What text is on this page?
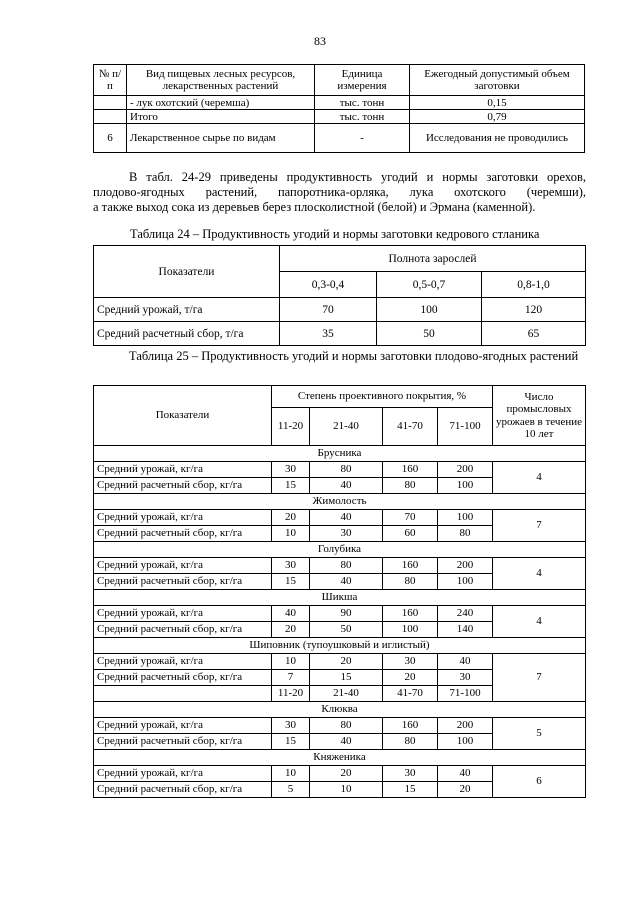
83
№ п/п	Вид пищевых лесных ресурсов, лекарственных растений	Единица измерения	Ежегодный допустимый объем заготовки
	- лук охотский (черемша)	тыс. тонн	0,15
	Итого	тыс. тонн	0,79
6	Лекарственное сырье по видам	-	Исследования не проводились
В табл. 24-29 приведены продуктивность угодий и нормы заготовки орехов,
плодово-ягодных растений, папоротника-орляка, лука охотского (черемши),
а также выход сока из деревьев берез плосколистной (белой) и Эрмана (каменной).
Таблица 24 – Продуктивность угодий и нормы заготовки кедрового стланика
Показатели	Полнота зарослей		
	0,3-0,4	0,5-0,7	0,8-1,0
Средний урожай, т/га	70	100	120
Средний расчетный сбор, т/га	35	50	65
Таблица 25 – Продуктивность угодий и нормы заготовки плодово-ягодных растений
Показатели	Степень проективного покрытия, %				Число промысловых урожаев в течение 10 лет
	11-20	21-40	41-70	71-100	
Брусника					
Средний урожай, кг/га	30	80	160	200	4
Средний расчетный сбор, кг/га	15	40	80	100	
Жимолость					
Средний урожай, кг/га	20	40	70	100	7
Средний расчетный сбор, кг/га	10	30	60	80	
Голубика					
Средний урожай, кг/га	30	80	160	200	4
Средний расчетный сбор, кг/га	15	40	80	100	
Шикша					
Средний урожай, кг/га	40	90	160	240	4
Средний расчетный сбор, кг/га	20	50	100	140	
Шиповник (тупоушковый и иглистый)					
Средний урожай, кг/га	10	20	30	40	7
Средний расчетный сбор, кг/га	7	15	20	30	
	11-20	21-40	41-70	71-100	
Клюква					
Средний урожай, кг/га	30	80	160	200	5
Средний расчетный сбор, кг/га	15	40	80	100	
Княженика					
Средний урожай, кг/га	10	20	30	40	6
Средний расчетный сбор, кг/га	5	10	15	20	
